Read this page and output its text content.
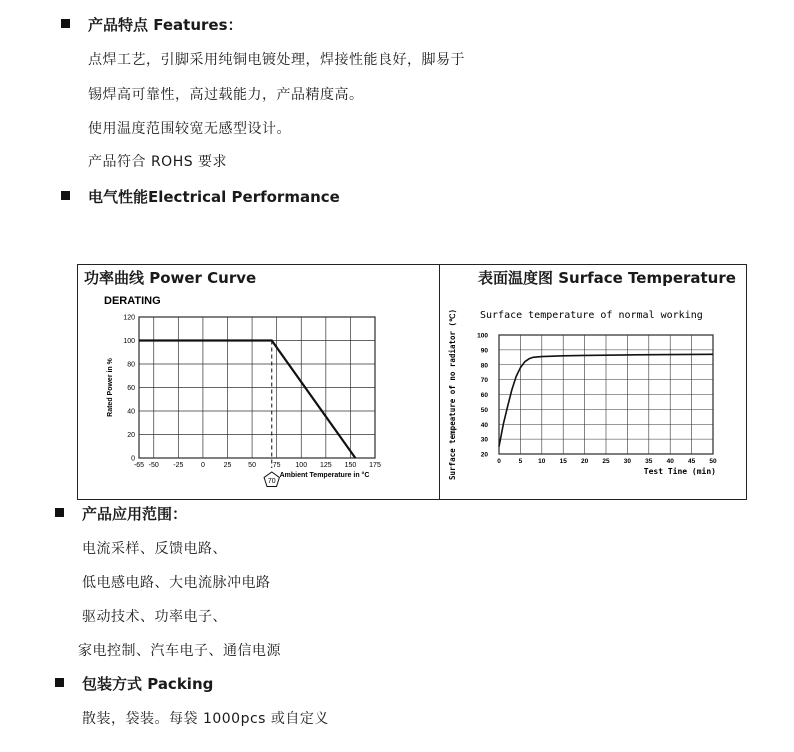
产品特点 Features：
点焊工艺，引脚采用纯铜电镀处理，焊接性能良好，脚易于
锡焊高可靠性，高过载能力，产品精度高。
使用温度范围较宽无感型设计。
产品符合 ROHS 要求
电气性能Electrical Performance
功率曲线 Power Curve	表面温度图 Surface Temperature
DERATING
0
20
40
60
80
100
120
-65 -50 -25	0	25 50 75 100 125 150 175
Rated Power in %
Ambient Temperature in °C
70
Surface temperature of normal working
20
30
40
50
60
70
80
90
100
0	5 10 15 20 25 30 35 40 45 50
Surface tempeature of no radiator (℃)	Test Tine (min)
产品应用范围：
电流采样、反馈电路、
低电感电路、大电流脉冲电路
驱动技术、功率电子、
家电控制、汽车电子、通信电源
包装方式 Packing
散装，袋装。每袋 1000pcs 或自定义
